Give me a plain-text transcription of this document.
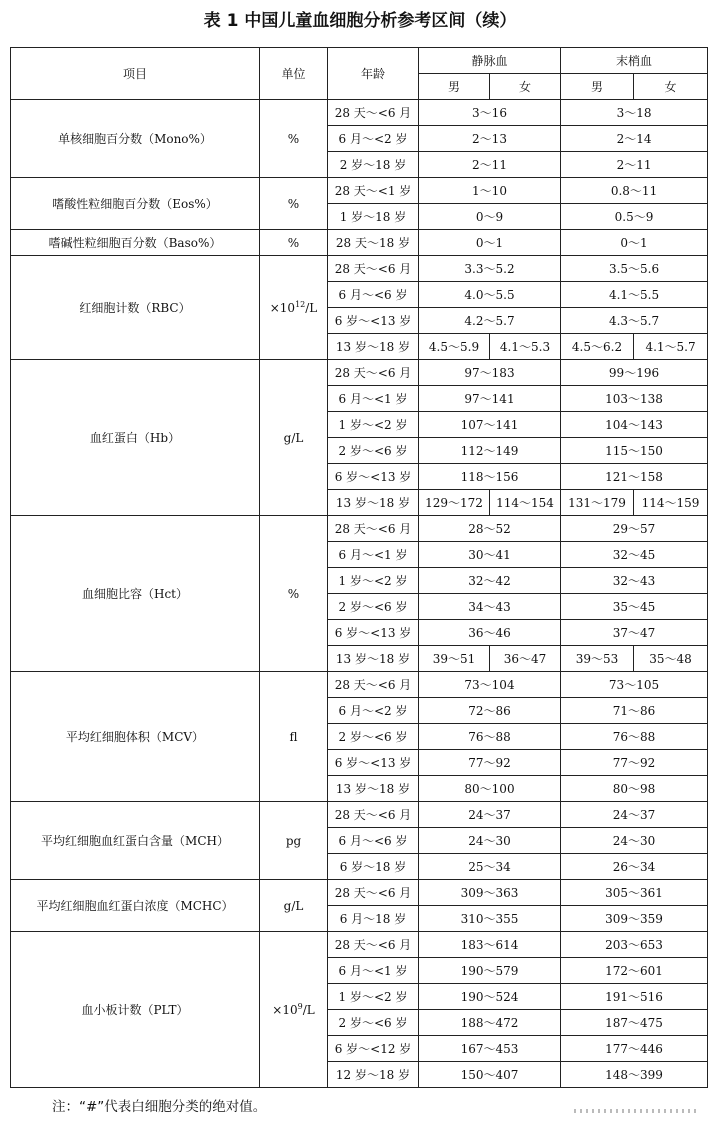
表 1 中国儿童血细胞分析参考区间（续）
项目	单位	年龄	静脉血		末梢血	
			男	女	男	女
单核细胞百分数（Mono%）	%	28 天～<6 月	3～16		3～18	
		6 月～<2 岁	2～13		2～14	
		2 岁～18 岁	2～11		2～11	
嗜酸性粒细胞百分数（Eos%）	%	28 天～<1 岁	1～10		0.8～11	
		1 岁～18 岁	0～9		0.5～9	
嗜碱性粒细胞百分数（Baso%）	%	28 天～18 岁	0～1		0～1	
红细胞计数（RBC）	$\times 10^{12}/L$	28 天～<6 月	3.3～5.2		3.5～5.6	
		6 月～<6 岁	4.0～5.5		4.1～5.5	
		6 岁～<13 岁	4.2～5.7		4.3～5.7	
		13 岁～18 岁	4.5～5.9	4.1～5.3	4.5～6.2	4.1～5.7
血红蛋白（Hb）	g/L	28 天～<6 月	97～183		99～196	
		6 月～<1 岁	97～141		103～138	
		1 岁～<2 岁	107～141		104～143	
		2 岁～<6 岁	112～149		115～150	
		6 岁～<13 岁	118～156		121～158	
		13 岁～18 岁	129～172	114～154	131～179	114～159
血细胞比容（Hct）	%	28 天～<6 月	28～52		29～57	
		6 月～<1 岁	30～41		32～45	
		1 岁～<2 岁	32～42		32～43	
		2 岁～<6 岁	34～43		35～45	
		6 岁～<13 岁	36～46		37～47	
		13 岁～18 岁	39～51	36～47	39～53	35～48
平均红细胞体积（MCV）	fl	28 天～<6 月	73～104		73～105	
		6 月～<2 岁	72～86		71～86	
		2 岁～<6 岁	76～88		76～88	
		6 岁～<13 岁	77～92		77～92	
		13 岁～18 岁	80～100		80～98	
平均红细胞血红蛋白含量（MCH）	pg	28 天～<6 月	24～37		24～37	
		6 月～<6 岁	24～30		24～30	
		6 岁～18 岁	25～34		26～34	
平均红细胞血红蛋白浓度（MCHC）	g/L	28 天～<6 月	309～363		305～361	
		6 月～18 岁	310～355		309～359	
血小板计数（PLT）	$\times 10^9/L$	28 天～<6 月	183～614		203～653	
		6 月～<1 岁	190～579		172～601	
		1 岁～<2 岁	190～524		191～516	
		2 岁～<6 岁	188～472		187～475	
		6 岁～<12 岁	167～453		177～446	
		12 岁～18 岁	150～407		148～399	
注：“#”代表白细胞分类的绝对值。
